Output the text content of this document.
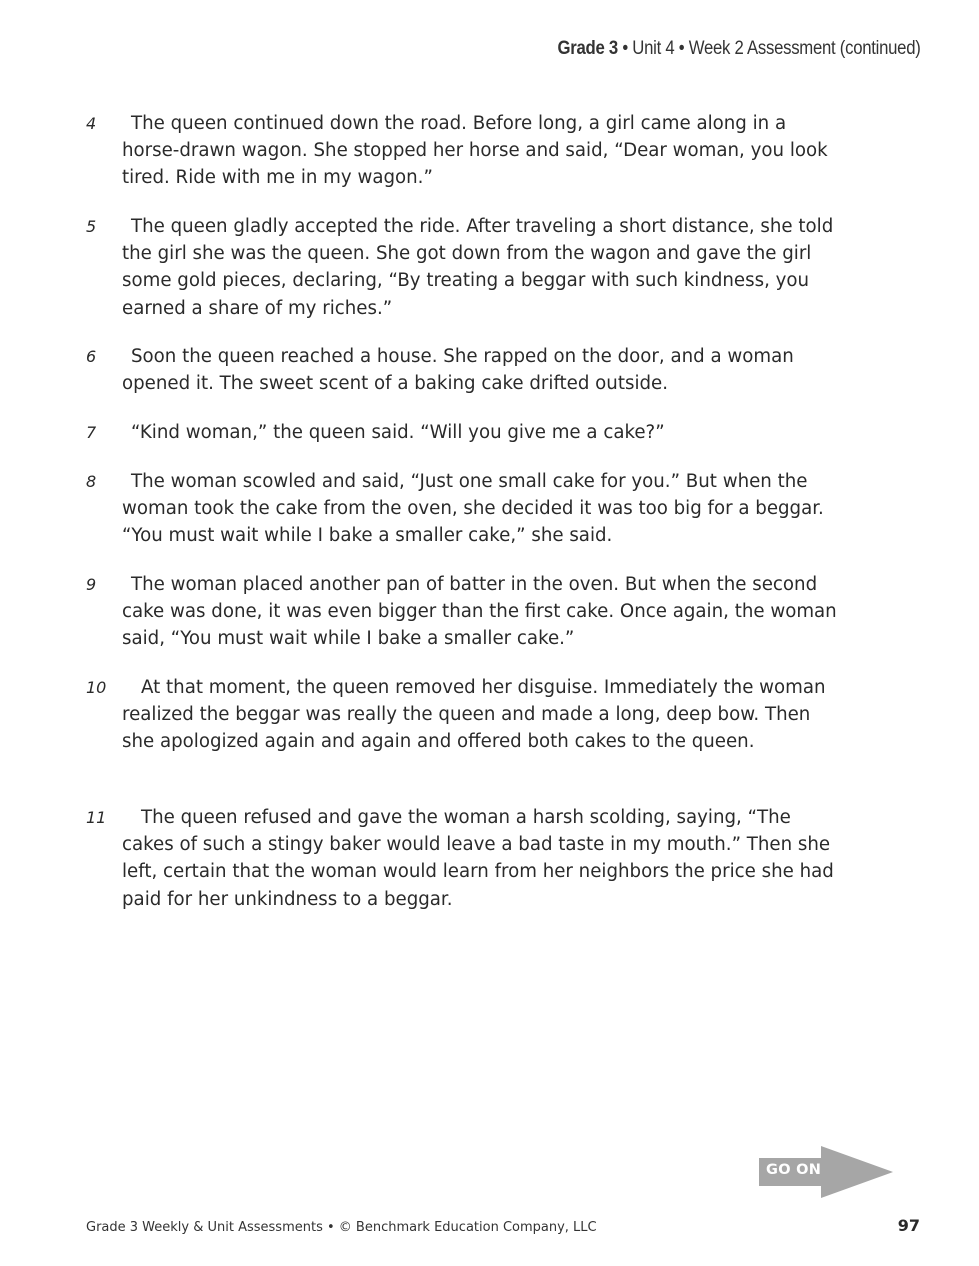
Grade 3 • Unit 4 • Week 2 Assessment (continued)
4	The queen continued down the road. Before long, a girl came along in a horse-drawn wagon. She stopped her horse and said, “Dear woman, you look tired. Ride with me in my wagon.”
5	The queen gladly accepted the ride. After traveling a short distance, she told the girl she was the queen. She got down from the wagon and gave the girl some gold pieces, declaring, “By treating a beggar with such kindness, you earned a share of my riches.”
6	Soon the queen reached a house. She rapped on the door, and a woman opened it. The sweet scent of a baking cake drifted outside.
7	“Kind woman,” the queen said. “Will you give me a cake?”
8	The woman scowled and said, “Just one small cake for you.” But when the woman took the cake from the oven, she decided it was too big for a beggar. “You must wait while I bake a smaller cake,” she said.
9	The woman placed another pan of batter in the oven. But when the second cake was done, it was even bigger than the first cake. Once again, the woman said, “You must wait while I bake a smaller cake.”
10	At that moment, the queen removed her disguise. Immediately the woman realized the beggar was really the queen and made a long, deep bow. Then she apologized again and again and offered both cakes to the queen.
11	The queen refused and gave the woman a harsh scolding, saying, “The cakes of such a stingy baker would leave a bad taste in my mouth.” Then she left, certain that the woman would learn from her neighbors the price she had paid for her unkindness to a beggar.
GO ON
Grade 3 Weekly & Unit Assessments • © Benchmark Education Company, LLC	97
